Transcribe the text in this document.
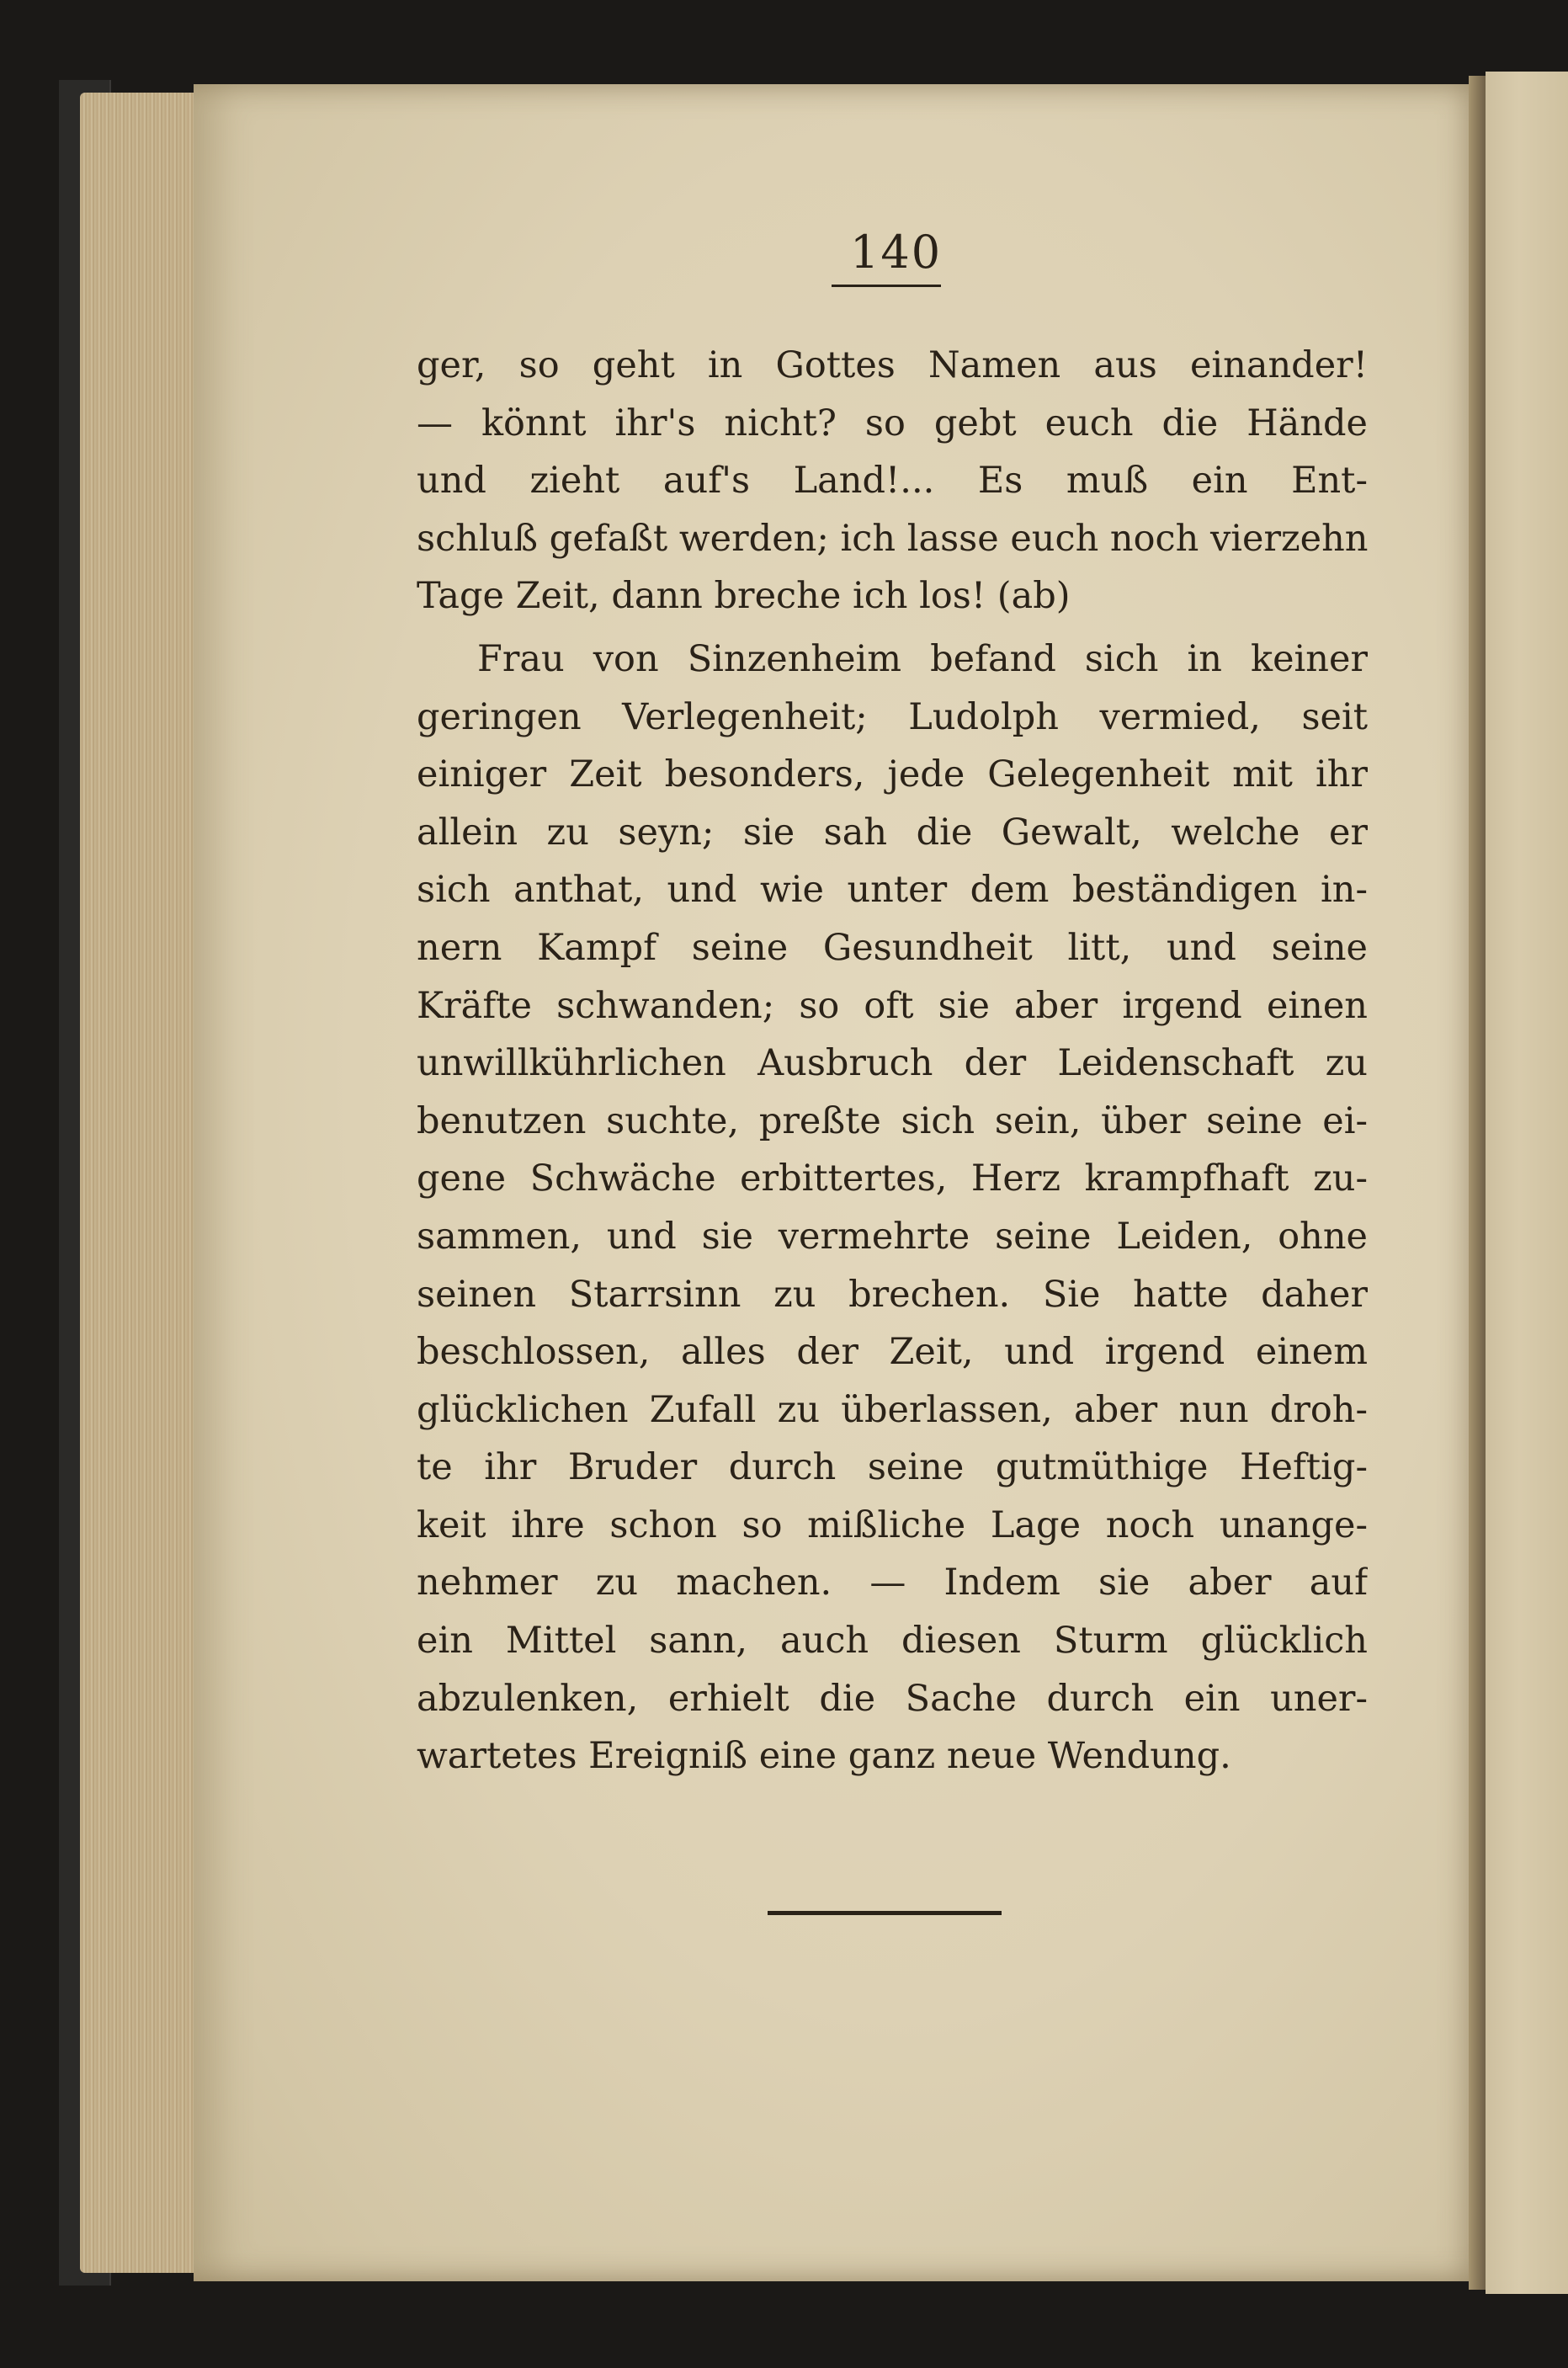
140
ger, so geht in Gottes Namen aus einander!
— könnt ihr's nicht? so gebt euch die Hände
und zieht auf's Land!... Es muß ein Ent-
schluß gefaßt werden; ich lasse euch noch vierzehn
Tage Zeit, dann breche ich los! (ab)
Frau von Sinzenheim befand sich in keiner
geringen Verlegenheit; Ludolph vermied, seit
einiger Zeit besonders, jede Gelegenheit mit ihr
allein zu seyn; sie sah die Gewalt, welche er
sich anthat, und wie unter dem beständigen in-
nern Kampf seine Gesundheit litt, und seine
Kräfte schwanden; so oft sie aber irgend einen
unwillkührlichen Ausbruch der Leidenschaft zu
benutzen suchte, preßte sich sein, über seine ei-
gene Schwäche erbittertes, Herz krampfhaft zu-
sammen, und sie vermehrte seine Leiden, ohne
seinen Starrsinn zu brechen. Sie hatte daher
beschlossen, alles der Zeit, und irgend einem
glücklichen Zufall zu überlassen, aber nun droh-
te ihr Bruder durch seine gutmüthige Heftig-
keit ihre schon so mißliche Lage noch unange-
nehmer zu machen. — Indem sie aber auf
ein Mittel sann, auch diesen Sturm glücklich
abzulenken, erhielt die Sache durch ein uner-
wartetes Ereigniß eine ganz neue Wendung.
